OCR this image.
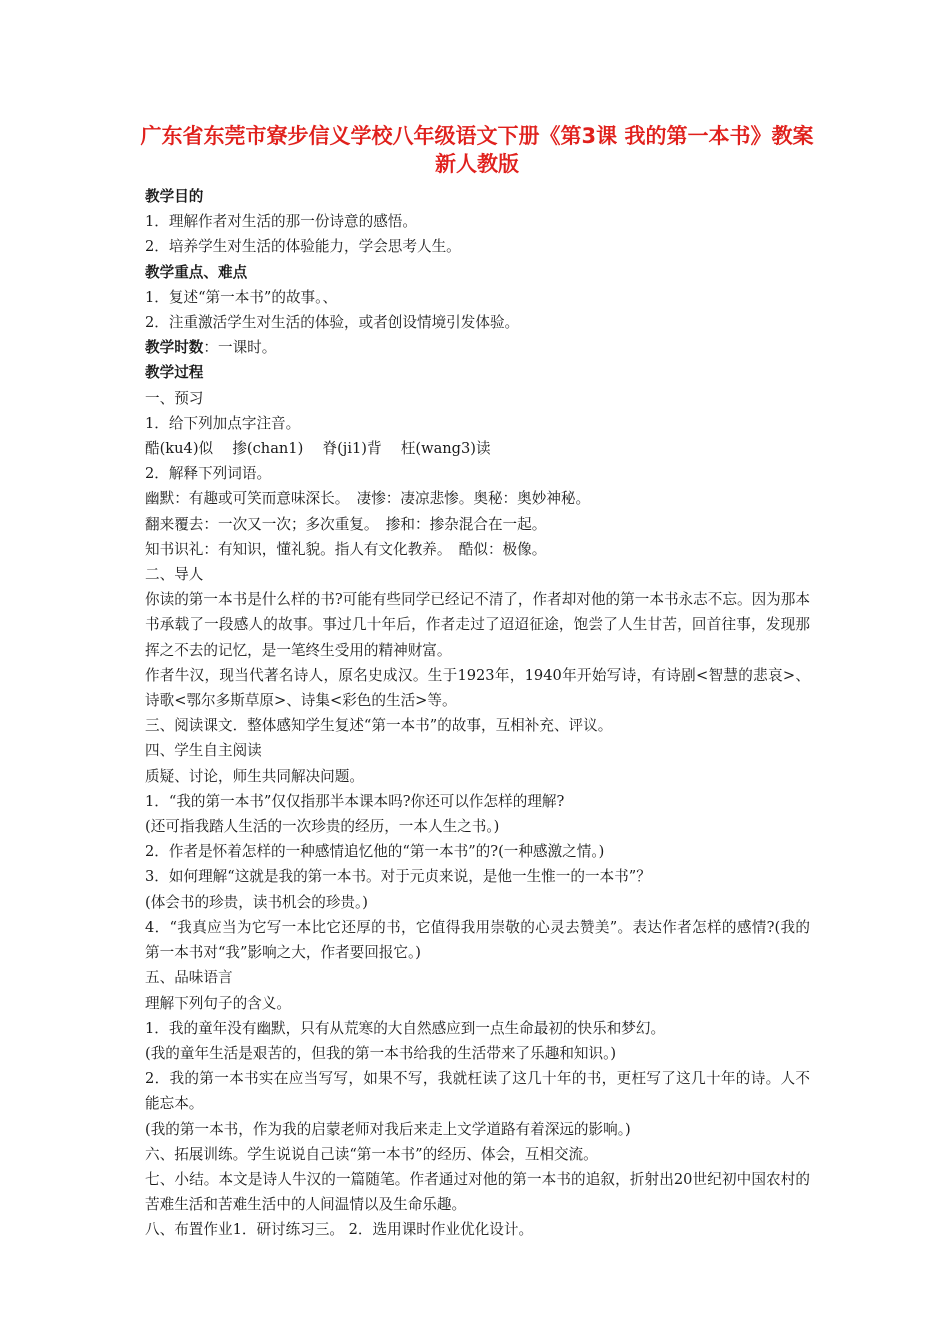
广东省东莞市寮步信义学校八年级语文下册《第3课 我的第一本书》教案 新人教版
教学目的
1．理解作者对生活的那一份诗意的感悟。
2．培养学生对生活的体验能力，学会思考人生。
教学重点、难点
1．复述“第一本书”的故事。、
2．注重激活学生对生活的体验，或者创设情境引发体验。
教学时数：一课时。
教学过程
一、预习
1．给下列加点字注音。
酷(ku4)似　 掺(chan1)　 脊(ji1)背　 枉(wang3)读
2．解释下列词语。
幽默：有趣或可笑而意味深长。　凄惨：凄凉悲惨。奥秘：奥妙神秘。
翻来覆去：一次又一次；多次重复。　掺和：掺杂混合在一起。
知书识礼：有知识，懂礼貌。指人有文化教养。　酷似：极像。
二、导人
你读的第一本书是什么样的书?可能有些同学已经记不清了，作者却对他的第一本书永志不忘。因为那本书承载了一段感人的故事。事过几十年后，作者走过了迢迢征途，饱尝了人生甘苦，回首往事，发现那挥之不去的记忆，是一笔终生受用的精神财富。
作者牛汉，现当代著名诗人，原名史成汉。生于1923年，1940年开始写诗，有诗剧<智慧的悲哀>、诗歌<鄂尔多斯草原>、诗集<彩色的生活>等。
三、阅读课文．整体感知学生复述“第一本书”的故事，互相补充、评议。
四、学生自主阅读
质疑、讨论，师生共同解决问题。
1．“我的第一本书”仅仅指那半本课本吗?你还可以作怎样的理解?
(还可指我踏人生活的一次珍贵的经历，一本人生之书。)
2．作者是怀着怎样的一种感情追忆他的“第一本书”的?(一种感激之情。)
3．如何理解“这就是我的第一本书。对于元贞来说，是他一生惟一的一本书”？
(体会书的珍贵，读书机会的珍贵。)
4．“我真应当为它写一本比它还厚的书，它值得我用崇敬的心灵去赞美”。表达作者怎样的感情?(我的第一本书对“我”影响之大，作者要回报它。)
五、品味语言
理解下列句子的含义。
1．我的童年没有幽默，只有从荒寒的大自然感应到一点生命最初的快乐和梦幻。
(我的童年生活是艰苦的，但我的第一本书给我的生活带来了乐趣和知识。)
2．我的第一本书实在应当写写，如果不写，我就枉读了这几十年的书，更枉写了这几十年的诗。人不能忘本。
(我的第一本书，作为我的启蒙老师对我后来走上文学道路有着深远的影响。)
六、拓展训练。学生说说自己读“第一本书”的经历、体会，互相交流。
七、小结。本文是诗人牛汉的一篇随笔。作者通过对他的第一本书的追叙，折射出20世纪初中国农村的苦难生活和苦难生活中的人间温情以及生命乐趣。
八、布置作业1．研讨练习三。 2．选用课时作业优化设计。
